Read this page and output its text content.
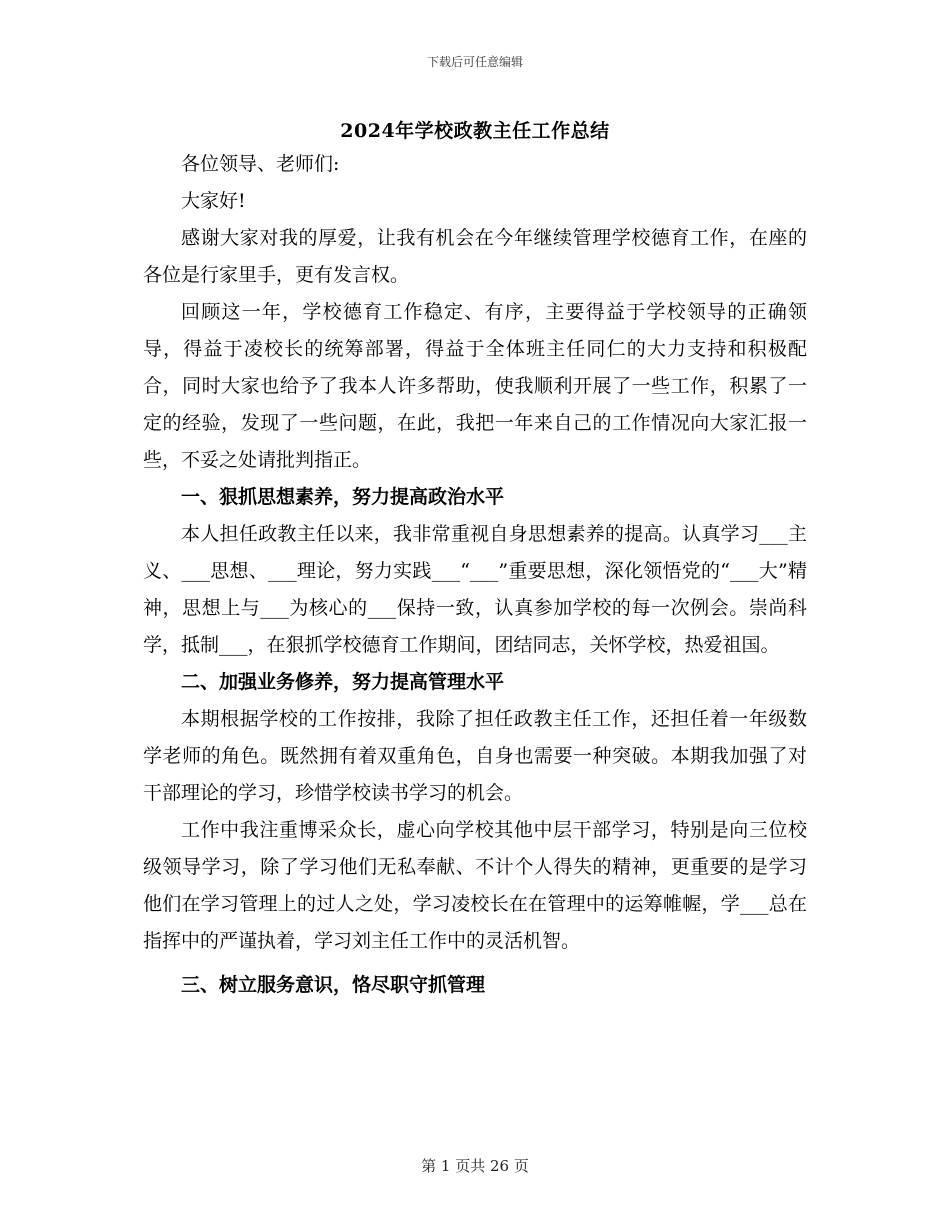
下载后可任意编辑
2024年学校政教主任工作总结

各位领导、老师们:

大家好!

感谢大家对我的厚爱，让我有机会在今年继续管理学校德育工作，在座的各位是行家里手，更有发言权。

回顾这一年，学校德育工作稳定、有序，主要得益于学校领导的正确领导，得益于凌校长的统筹部署，得益于全体班主任同仁的大力支持和积极配合，同时大家也给予了我本人许多帮助，使我顺利开展了一些工作，积累了一定的经验，发现了一些问题，在此，我把一年来自己的工作情况向大家汇报一些，不妥之处请批判指正。

一、狠抓思想素养，努力提高政治水平

本人担任政教主任以来，我非常重视自身思想素养的提高。认真学习___主义、___思想、___理论，努力实践___“___”重要思想，深化领悟党的“___大”精神，思想上与___为核心的___保持一致，认真参加学校的每一次例会。崇尚科学，抵制___，在狠抓学校德育工作期间，团结同志，关怀学校，热爱祖国。

二、加强业务修养，努力提高管理水平

本期根据学校的工作按排，我除了担任政教主任工作，还担任着一年级数学老师的角色。既然拥有着双重角色，自身也需要一种突破。本期我加强了对干部理论的学习，珍惜学校读书学习的机会。

工作中我注重博采众长，虚心向学校其他中层干部学习，特别是向三位校级领导学习，除了学习他们无私奉献、不计个人得失的精神，更重要的是学习他们在学习管理上的过人之处，学习凌校长在在管理中的运筹帷幄，学___总在指挥中的严谨执着，学习刘主任工作中的灵活机智。

三、树立服务意识，恪尽职守抓管理
第 1 页共 26 页
